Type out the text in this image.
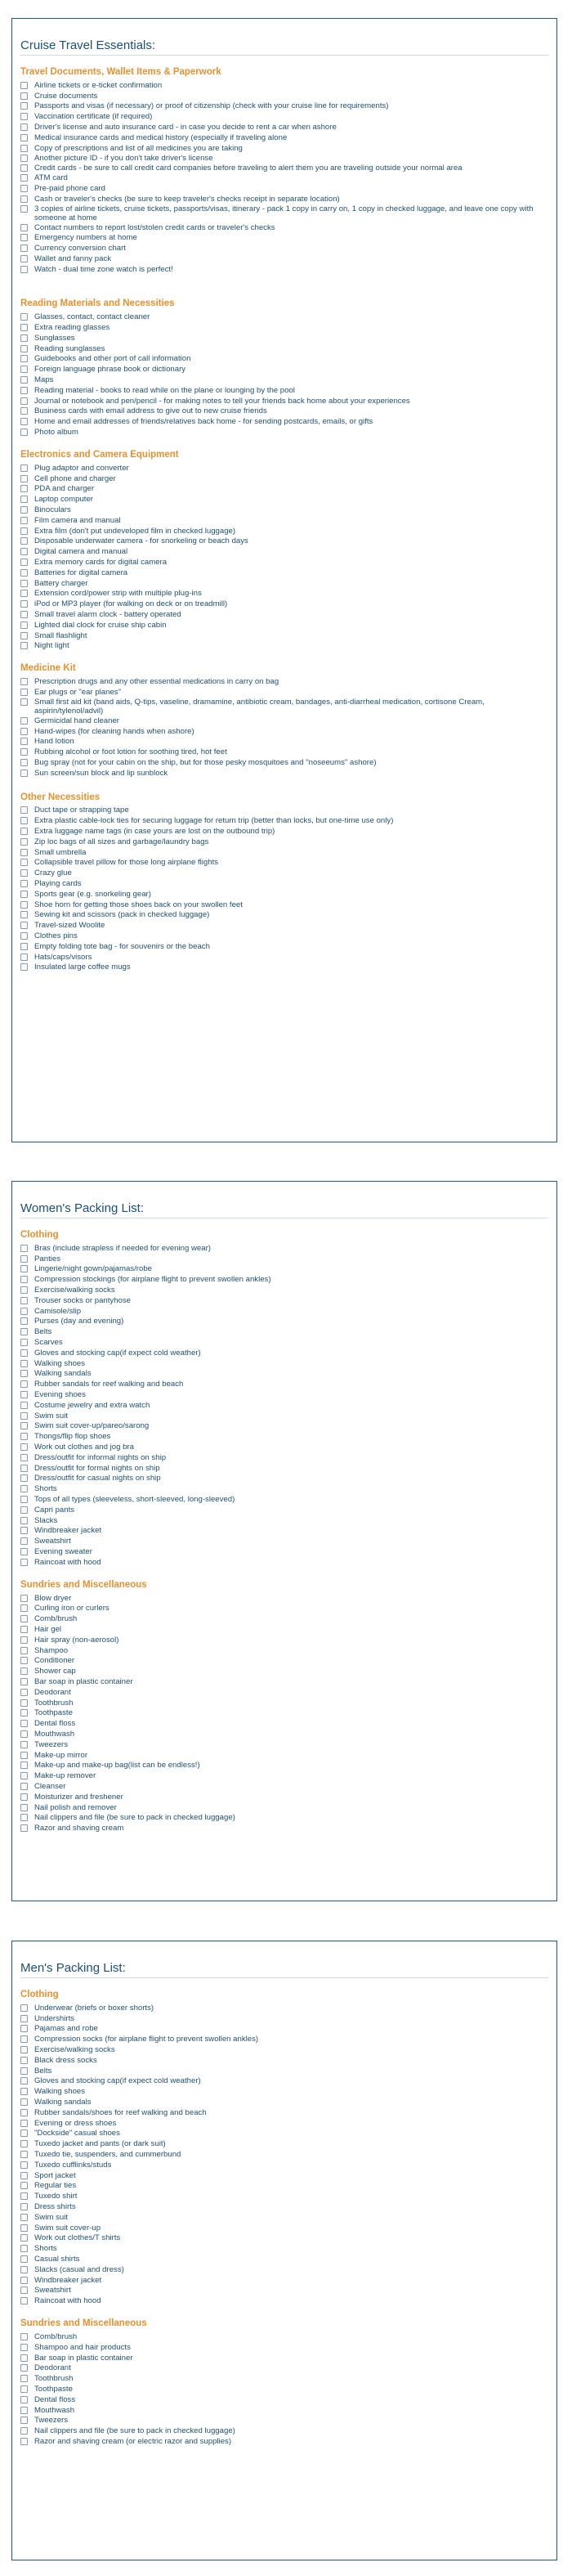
Cruise Travel Essentials:
Travel Documents, Wallet Items & Paperwork
Airline tickets or e-ticket confirmation
Cruise documents
Passports and visas (if necessary) or proof of citizenship (check with your cruise line for requirements)
Vaccination certificate (if required)
Driver's license and auto insurance card - in case you decide to rent a car when ashore
Medical insurance cards and medical history (especially if traveling alone
Copy of prescriptions and list of all medicines you are taking
Another picture ID - if you don't take driver's license
Credit cards - be sure to call credit card companies before traveling to alert them you are traveling outside your normal area
ATM card
Pre-paid phone card
Cash or traveler's checks (be sure to keep traveler's checks receipt in separate location)
3 copies of airline tickets, cruise tickets, passports/visas, itinerary - pack 1 copy in carry on, 1 copy in checked luggage, and leave one copy with someone at home
Contact numbers to report lost/stolen credit cards or traveler's checks
Emergency numbers at home
Currency conversion chart
Wallet and fanny pack
Watch - dual time zone watch is perfect!
Reading Materials and Necessities
Glasses, contact, contact cleaner
Extra reading glasses
Sunglasses
Reading sunglasses
Guidebooks and other port of call information
Foreign language phrase book or dictionary
Maps
Reading material - books to read while on the plane or lounging by the pool
Journal or notebook and pen/pencil - for making notes to tell your friends back home about your experiences
Business cards with email address to give out to new cruise friends
Home and email addresses of friends/relatives back home - for sending postcards, emails, or gifts
Photo album
Electronics and Camera Equipment
Plug adaptor and converter
Cell phone and charger
PDA and charger
Laptop computer
Binoculars
Film camera and manual
Extra film (don't put undeveloped film in checked luggage)
Disposable underwater camera - for snorkeling or beach days
Digital camera and manual
Extra memory cards for digital camera
Batteries for digital camera
Battery charger
Extension cord/power strip with multiple plug-ins
iPod or MP3 player (for walking on deck or on treadmill)
Small travel alarm clock - battery operated
Lighted dial clock for cruise ship cabin
Small flashlight
Night light
Medicine Kit
Prescription drugs and any other essential medications in carry on bag
Ear plugs or "ear planes"
Small first aid kit (band aids, Q-tips, vaseline, dramamine, antibiotic cream, bandages, anti-diarrheal medication, cortisone Cream, aspirin/tylenol/advil)
Germicidal hand cleaner
Hand-wipes (for cleaning hands when ashore)
Hand lotion
Rubbing alcohol or foot lotion for soothing tired, hot feet
Bug spray (not for your cabin on the ship, but for those pesky mosquitoes and "noseeums" ashore)
Sun screen/sun block and lip sunblock
Other Necessities
Duct tape or strapping tape
Extra plastic cable-lock ties for securing luggage for return trip (better than locks, but one-time use only)
Extra luggage name tags (in case yours are lost on the outbound trip)
Zip loc bags of all sizes and garbage/laundry bags
Small umbrella
Collapsible travel pillow for those long airplane flights
Crazy glue
Playing cards
Sports gear (e.g. snorkeling gear)
Shoe horn for getting those shoes back on your swollen feet
Sewing kit and scissors (pack in checked luggage)
Travel-sized Woolite
Clothes pins
Empty folding tote bag - for souvenirs or the beach
Hats/caps/visors
Insulated large coffee mugs
Women's Packing List:
Clothing
Bras (include strapless if needed for evening wear)
Panties
Lingerie/night gown/pajamas/robe
Compression stockings (for airplane flight to prevent swollen ankles)
Exercise/walking socks
Trouser socks or pantyhose
Camisole/slip
Purses (day and evening)
Belts
Scarves
Gloves and stocking cap(if expect cold weather)
Walking shoes
Walking sandals
Rubber sandals for reef walking and beach
Evening shoes
Costume jewelry and extra watch
Swim suit
Swim suit cover-up/pareo/sarong
Thongs/flip flop shoes
Work out clothes and jog bra
Dress/outfit for informal nights on ship
Dress/outfit for formal nights on ship
Dress/outfit for casual nights on ship
Shorts
Tops of all types (sleeveless, short-sleeved, long-sleeved)
Capri pants
Slacks
Windbreaker jacket
Sweatshirt
Evening sweater
Raincoat with hood
Sundries and Miscellaneous
Blow dryer
Curling iron or curlers
Comb/brush
Hair gel
Hair spray (non-aerosol)
Shampoo
Conditioner
Shower cap
Bar soap in plastic container
Deodorant
Toothbrush
Toothpaste
Dental floss
Mouthwash
Tweezers
Make-up mirror
Make-up and make-up bag(list can be endless!)
Make-up remover
Cleanser
Moisturizer and freshener
Nail polish and remover
Nail clippers and file (be sure to pack in checked luggage)
Razor and shaving cream
Men's Packing List:
Clothing
Underwear (briefs or boxer shorts)
Undershirts
Pajamas and robe
Compression socks (for airplane flight to prevent swollen ankles)
Exercise/walking socks
Black dress socks
Belts
Gloves and stocking cap(if expect cold weather)
Walking shoes
Walking sandals
Rubber sandals/shoes for reef walking and beach
Evening or dress shoes
"Dockside" casual shoes
Tuxedo jacket and pants (or dark suit)
Tuxedo tie, suspenders, and cummerbund
Tuxedo cufflinks/studs
Sport jacket
Regular ties
Tuxedo shirt
Dress shirts
Swim suit
Swim suit cover-up
Work out clothes/T shirts
Shorts
Casual shirts
Slacks (casual and dress)
Windbreaker jacket
Sweatshirt
Raincoat with hood
Sundries and Miscellaneous
Comb/brush
Shampoo and hair products
Bar soap in plastic container
Deodorant
Toothbrush
Toothpaste
Dental floss
Mouthwash
Tweezers
Nail clippers and file (be sure to pack in checked luggage)
Razor and shaving cream (or electric razor and supplies)
